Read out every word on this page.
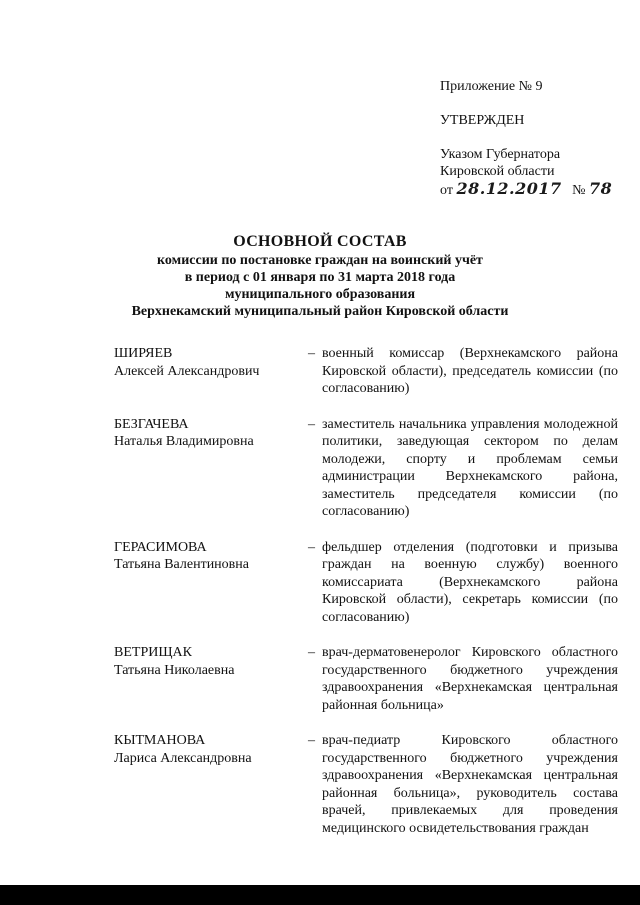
Приложение № 9
УТВЕРЖДЕН
Указом Губернатора
Кировской области
от 28.12.2017 № 78
ОСНОВНОЙ СОСТАВ
комиссии по постановке граждан на воинский учёт
в период с 01 января по 31 марта 2018 года
муниципального образования
Верхнекамский муниципальный район Кировской области
ШИРЯЕВ
Алексей Александрович
– военный комиссар (Верхнекамского района Кировской области), председатель комиссии (по согласованию)
БЕЗГАЧЕВА
Наталья Владимировна
– заместитель начальника управления молодежной политики, заведующая сектором по делам молодежи, спорту и проблемам семьи администрации Верхнекамского района, заместитель председателя комиссии (по согласованию)
ГЕРАСИМОВА
Татьяна Валентиновна
– фельдшер отделения (подготовки и призыва граждан на военную службу) военного комиссариата (Верхнекамского района Кировской области), секретарь комиссии (по согласованию)
ВЕТРИЩАК
Татьяна Николаевна
– врач-дерматовенеролог Кировского областного государственного бюджетного учреждения здравоохранения «Верхнекамская центральная районная больница»
КЫТМАНОВА
Лариса Александровна
– врач-педиатр Кировского областного государственного бюджетного учреждения здравоохранения «Верхнекамская центральная районная больница», руководитель состава врачей, привлекаемых для проведения медицинского освидетельствования граждан
